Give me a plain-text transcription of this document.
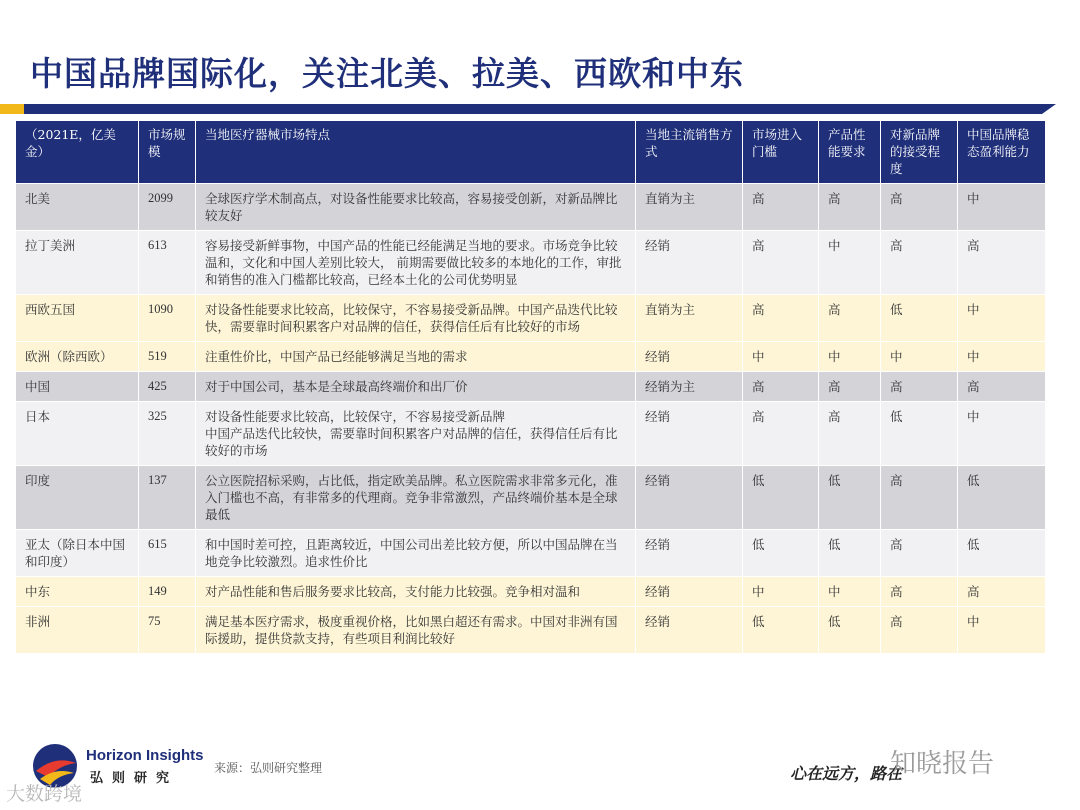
中国品牌国际化，关注北美、拉美、西欧和中东
（2021E，亿美金）	市场规模	当地医疗器械市场特点	当地主流销售方式	市场进入门槛	产品性能要求	对新品牌的接受程度	中国品牌稳态盈利能力
北美	2099	全球医疗学术制高点，对设备性能要求比较高，容易接受创新，对新品牌比较友好	直销为主	高	高	高	中
拉丁美洲	613	容易接受新鲜事物，中国产品的性能已经能满足当地的要求。市场竞争比较温和，文化和中国人差别比较大， 前期需要做比较多的本地化的工作，审批和销售的准入门槛都比较高，已经本土化的公司优势明显	经销	高	中	高	高
西欧五国	1090	对设备性能要求比较高，比较保守，不容易接受新品牌。中国产品迭代比较快，需要靠时间积累客户对品牌的信任，获得信任后有比较好的市场	直销为主	高	高	低	中
欧洲（除西欧）	519	注重性价比，中国产品已经能够满足当地的需求	经销	中	中	中	中
中国	425	对于中国公司，基本是全球最高终端价和出厂价	经销为主	高	高	高	高
日本	325	对设备性能要求比较高，比较保守，不容易接受新品牌
中国产品迭代比较快，需要靠时间积累客户对品牌的信任，获得信任后有比较好的市场	经销	高	高	低	中
印度	137	公立医院招标采购，占比低，指定欧美品牌。私立医院需求非常多元化，准入门槛也不高，有非常多的代理商。竞争非常激烈，产品终端价基本是全球最低	经销	低	低	高	低
亚太（除日本中国和印度）	615	和中国时差可控，且距离较近，中国公司出差比较方便，所以中国品牌在当地竞争比较激烈。追求性价比	经销	低	低	高	低
中东	149	对产品性能和售后服务要求比较高，支付能力比较强。竞争相对温和	经销	中	中	高	高
非洲	75	满足基本医疗需求，极度重视价格，比如黑白超还有需求。中国对非洲有国际援助，提供贷款支持，有些项目利润比较好	经销	低	低	高	中
Horizon Insights
弘则研究
来源：弘则研究整理	心在远方，路在
知晓报告
大数跨境
